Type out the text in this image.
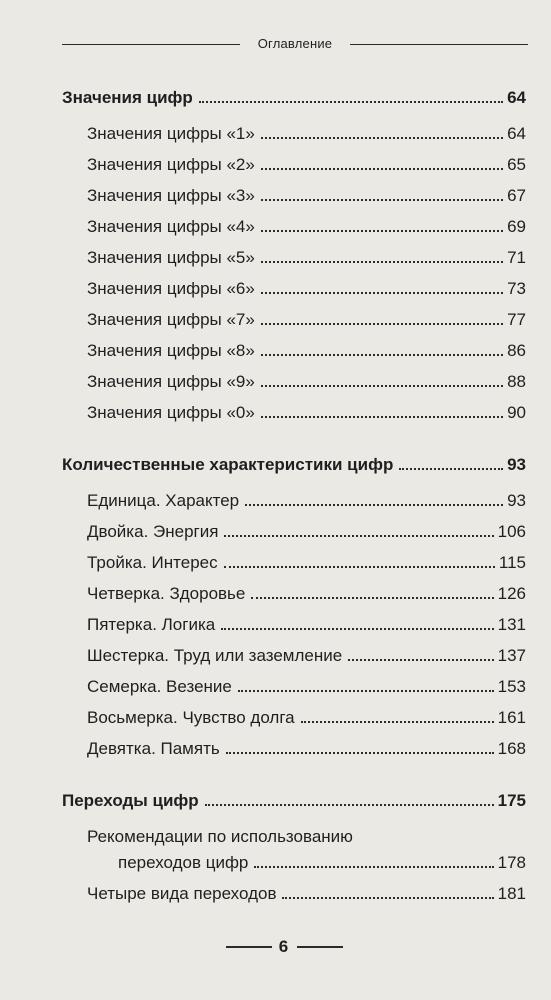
Оглавление
Значения цифр	64
Значения цифры «1»	64
Значения цифры «2»	65
Значения цифры «3»	67
Значения цифры «4»	69
Значения цифры «5»	71
Значения цифры «6»	73
Значения цифры «7»	77
Значения цифры «8»	86
Значения цифры «9»	88
Значения цифры «0»	90
Количественные характеристики цифр	93
Единица. Характер	93
Двойка. Энергия	106
Тройка. Интерес	115
Четверка. Здоровье	126
Пятерка. Логика	131
Шестерка. Труд или заземление	137
Семерка. Везение	153
Восьмерка. Чувство долга	161
Девятка. Память	168
Переходы цифр	175
Рекомендации по использованию
переходов цифр	178
Четыре вида переходов	181
6
